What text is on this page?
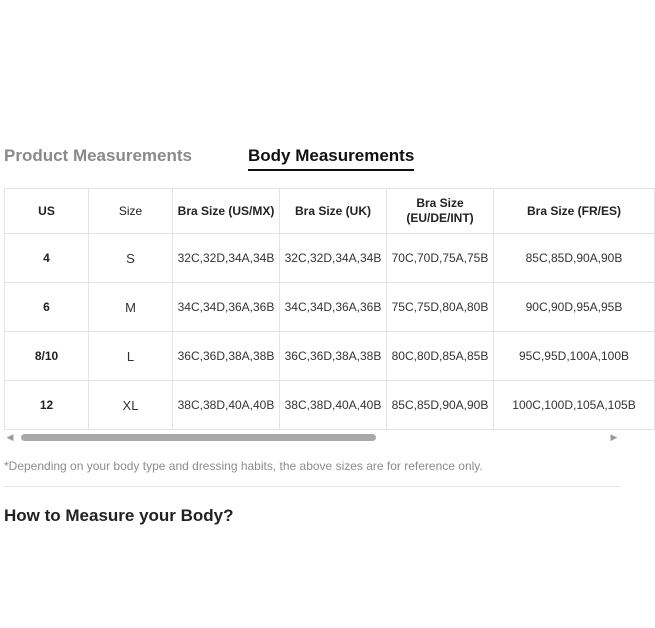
Product Measurements	Body Measurements
US	Size	Bra Size (US/MX)	Bra Size (UK)	Bra Size (EU/DE/INT)	Bra Size (FR/ES)
4	S	32C,32D,34A,34B	32C,32D,34A,34B	70C,70D,75A,75B	85C,85D,90A,90B
6	M	34C,34D,36A,36B	34C,34D,36A,36B	75C,75D,80A,80B	90C,90D,95A,95B
8/10	L	36C,36D,38A,38B	36C,36D,38A,38B	80C,80D,85A,85B	95C,95D,100A,100B
12	XL	38C,38D,40A,40B	38C,38D,40A,40B	85C,85D,90A,90B	100C,100D,105A,105B
◀	▶
*Depending on your body type and dressing habits, the above sizes are for reference only.
How to Measure your Body?
